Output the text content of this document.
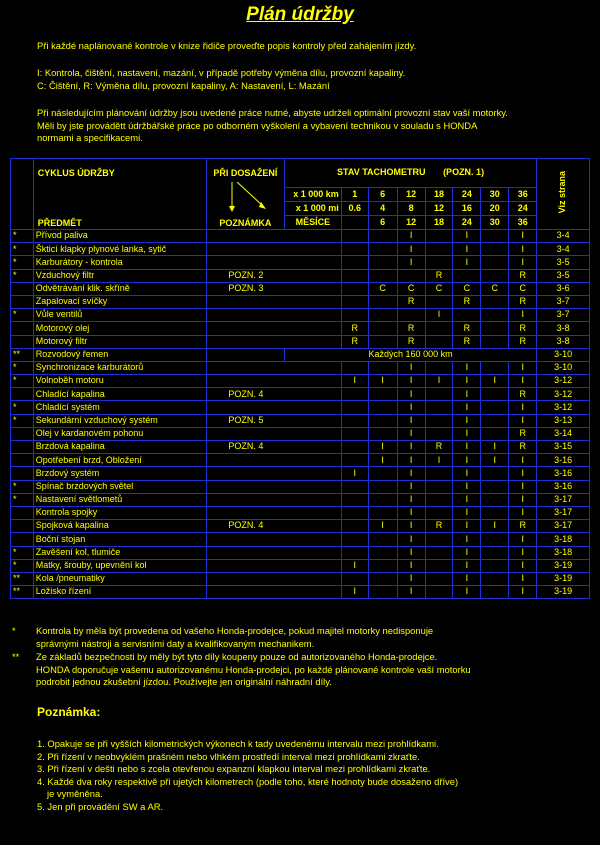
Plán údržby

Při každé naplánované kontrole v knize řidiče proveďte popis kontroly před zahájením jízdy.

I: Kontrola, čištění, nastavení, mazání, v případě potřeby výměna dílu, provozní kapaliny.

C: Čištění, R: Výměna dílu, provozní kapaliny, A: Nastavení, L: Mazání

Při následujícím plánování údržby jsou uvedené práce nutné, abyste udrželi optimální provozní stav vaší motorky.

Měli by jste provádětt údržbářské práce po odborném vyškolení a vybavení technikou v souladu s HONDA

normami a specifikacemi.

	CYKLUS ÚDRŽBY
PŘEDMĚT	PŘI DOSAŽENÍ
POZNÁMKA	STAV TACHOMETRU (POZN. 1)								Viz strana
			x 1 000 km	1	6	12	18	24	30	36	
			x 1 000 mi	0.6	4	8	12	16	20	24	
			MĚSÍCE		6	12	18	24	30	36	
*	Přívod paliva					I		I		I	3-4
*	Škticí klapky plynové lanka, sytič					I		I		I	3-4
*	Karburátory - kontrola					I		I		I	3-5
*	Vzduchový filtr	POZN. 2					R			R	3-5
	Odvětrávání klik. skříně	POZN. 3			C	C	C	C	C	C	3-6
	Zapalovací svíčky					R		R		R	3-7
*	Vůle ventilů						I			I	3-7
	Motorový olej			R		R		R		R	3-8
	Motorový filtr			R		R		R		R	3-8
**	Rozvodový řemen		Každých 160 000 km								3-10
*	Synchronizace karburátorů					I		I		I	3-10
*	Volnoběh motoru			I	I	I	I	I	I	I	3-12
	Chladící kapalina	POZN. 4				I		I		R	3-12
*	Chladící systém					I		I		I	3-12
*	Sekundární vzduchový systém	POZN. 5				I		I		I	3-13
	Olej v kardanovém pohonu					I		I		R	3-14
	Brzdová kapalina	POZN. 4			I	I	R	I	I	R	3-15
	Opotřebení brzd, Obložení				I	I	I	I	I	I	3-16
	Brzdový systém			I		I		I		I	3-16
*	Spínač brzdových světel					I		I		I	3-16
*	Nastavení světlometů					I		I		I	3-17
	Kontrola spojky					I		I		I	3-17
	Spojková kapalina	POZN. 4			I	I	R	I	I	R	3-17
	Boční stojan					I		I		I	3-18
*	Zavěšení kol, tlumiče					I		I		I	3-18
*	Matky, šrouby, upevnění kol			I		I		I		I	3-19
**	Kola /pneumatiky					I		I		I	3-19
**	Ložisko řízení			I		I		I		I	3-19
* Kontrola by měla být provedena od vašeho Honda-prodejce, pokud majitel motorky nedisponuje
správnými nástroji a servisními daty a kvalifikovaným mechanikem.
** Ze základů bezpečnosti by měly být tyto díly koupeny pouze od autorizovaného Honda-prodejce.
HONDA doporučuje vašemu autorizovanému Honda-prodejci, po každé plánované kontrole vaší motorku
podrobit jednou zkušební jízdou. Používejte jen originální náhradní díly.
Poznámka:
1. Opakuje se při vyšších kilometrických výkonech k tady uvedenému intervalu mezi prohlídkami.
2. Při řízení v neobvyklém prašném nebo vlhkém prostředí interval mezi prohlídkami zkraťte.
3. Při řízení v dešti nebo s zcela otevřenou expanzní klapkou interval mezi prohlídkami zkraťte.
4. Každé dva roky respektivě při ujetých kilometrech (podle toho, které hodnoty bude dosaženo dříve)
je vyměněna.
5. Jen při provádění SW a AR.
